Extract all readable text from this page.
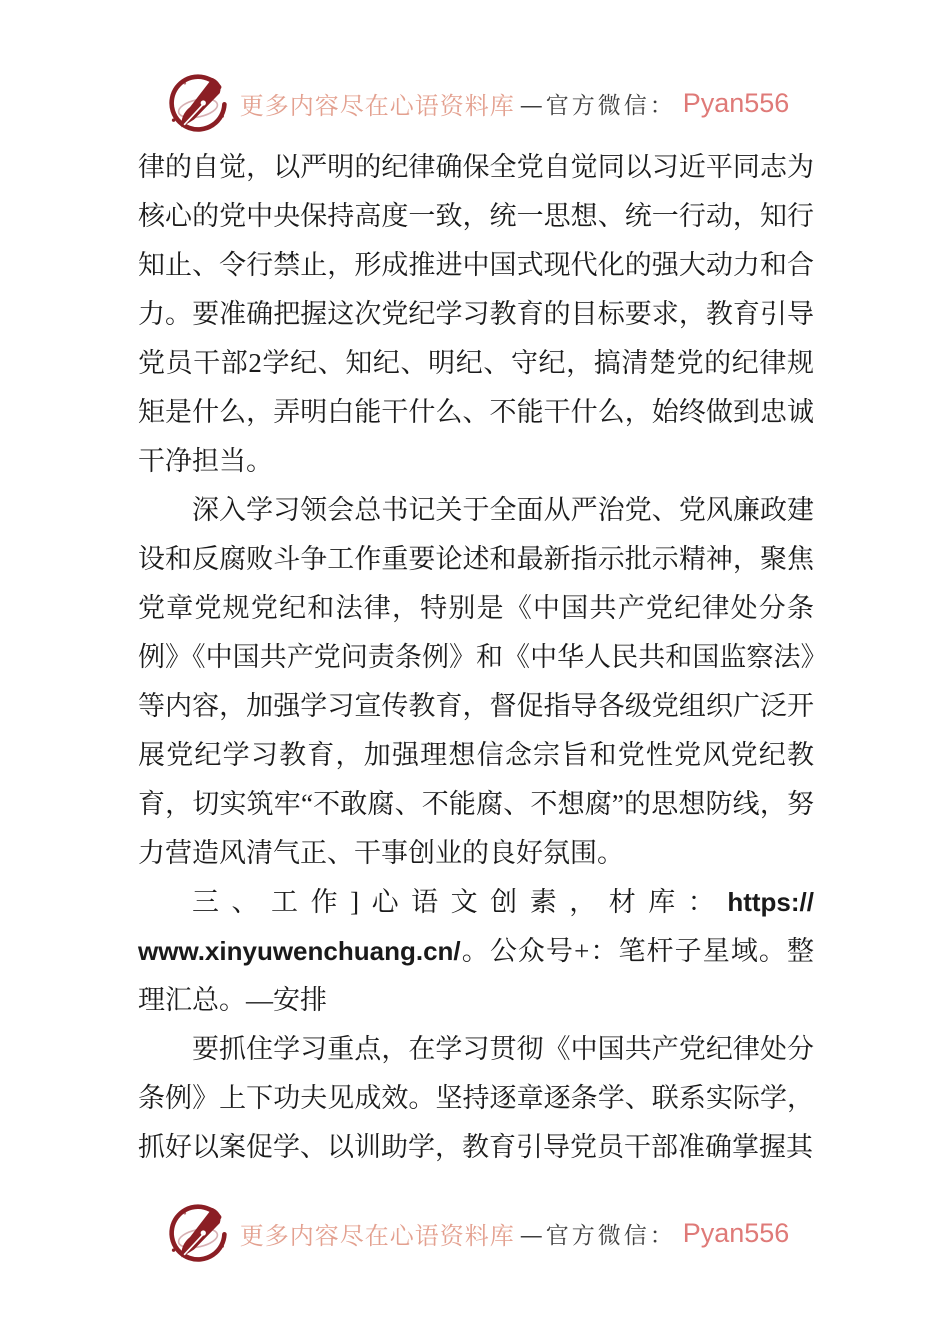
更多内容尽在心语资料库 —官方微信： Pyan556

律的自觉，以严明的纪律确保全党自觉同以习近平同志为核心的党中央保持高度一致，统一思想、统一行动，知行知止、令行禁止，形成推进中国式现代化的强大动力和合力。要准确把握这次党纪学习教育的目标要求，教育引导党员干部2学纪、知纪、明纪、守纪，搞清楚党的纪律规矩是什么，弄明白能干什么、不能干什么，始终做到忠诚干净担当。

深入学习领会总书记关于全面从严治党、党风廉政建设和反腐败斗争工作重要论述和最新指示批示精神，聚焦党章党规党纪和法律，特别是《中国共产党纪律处分条例》《中国共产党问责条例》和《中华人民共和国监察法》等内容，加强学习宣传教育，督促指导各级党组织广泛开展党纪学习教育，加强理想信念宗旨和党性党风党纪教育，切实筑牢“不敢腐、不能腐、不想腐”的思想防线，努力营造风清气正、干事创业的良好氛围。

三、工作]心语文创素，材库：https://www.xinyuwenchuang.cn/。公众号+：笔杆子星域。整理汇总。—安排

要抓住学习重点，在学习贯彻《中国共产党纪律处分条例》上下功夫见成效。坚持逐章逐条学、联系实际学，抓好以案促学、以训助学，教育引导党员干部准确掌握其

更多内容尽在心语资料库 —官方微信： Pyan556
